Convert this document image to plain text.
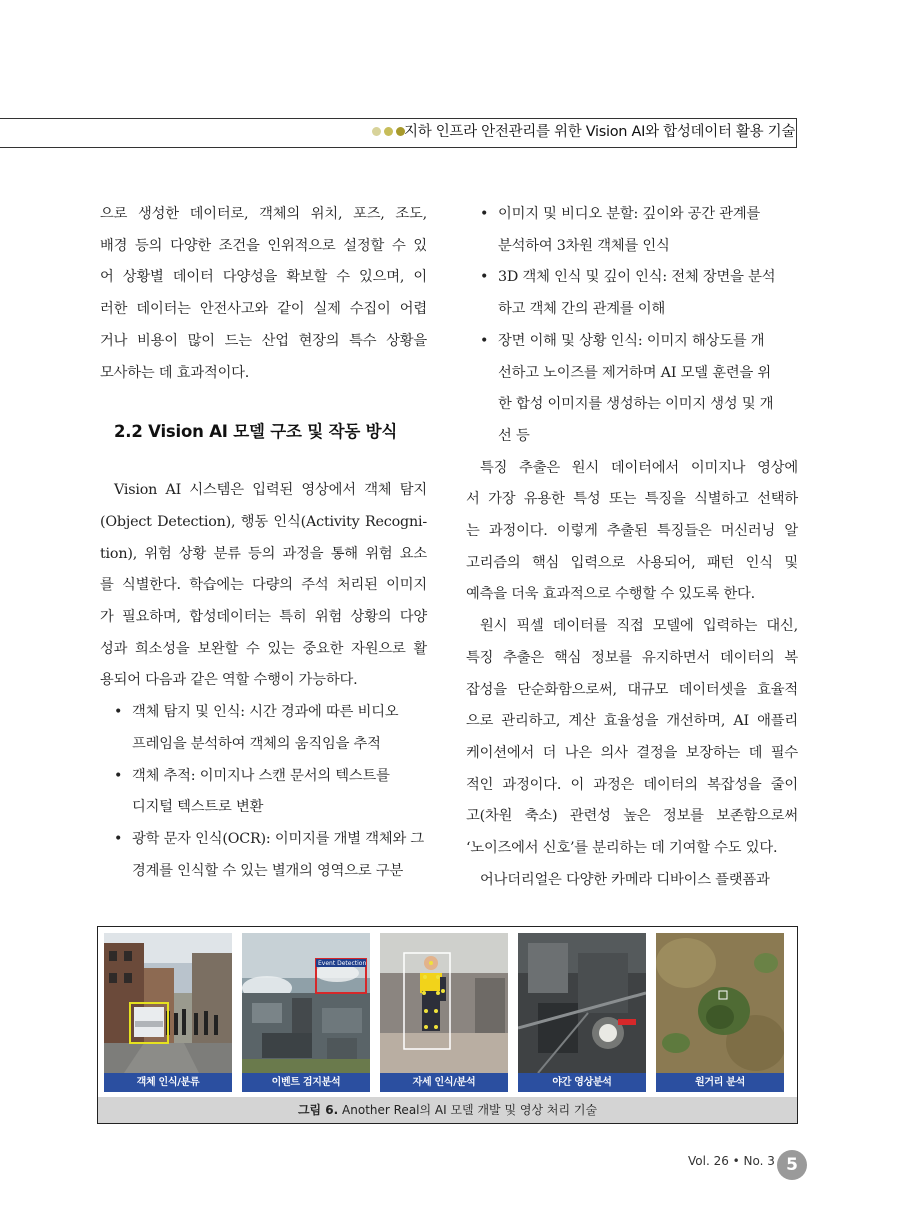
지하 인프라 안전관리를 위한 Vision AI와 합성데이터 활용 기술

으로 생성한 데이터로, 객체의 위치, 포즈, 조도,

배경 등의 다양한 조건을 인위적으로 설정할 수 있

어 상황별 데이터 다양성을 확보할 수 있으며, 이

러한 데이터는 안전사고와 같이 실제 수집이 어렵

거나 비용이 많이 드는 산업 현장의 특수 상황을

모사하는 데 효과적이다.

2.2 Vision AI 모델 구조 및 작동 방식

Vision AI 시스템은 입력된 영상에서 객체 탐지

(Object Detection), 행동 인식(Activity Recogni-

tion), 위험 상황 분류 등의 과정을 통해 위험 요소

를 식별한다. 학습에는 다량의 주석 처리된 이미지

가 필요하며, 합성데이터는 특히 위험 상황의 다양

성과 희소성을 보완할 수 있는 중요한 자원으로 활

용되어 다음과 같은 역할 수행이 가능하다.

• 객체 탐지 및 인식: 시간 경과에 따른 비디오
프레임을 분석하여 객체의 움직임을 추적
• 객체 추적: 이미지나 스캔 문서의 텍스트를
디지털 텍스트로 변환
• 광학 문자 인식(OCR): 이미지를 개별 객체와 그
경계를 인식할 수 있는 별개의 영역으로 구분
• 이미지 및 비디오 분할: 깊이와 공간 관계를
분석하여 3차원 객체를 인식
• 3D 객체 인식 및 깊이 인식: 전체 장면을 분석
하고 객체 간의 관계를 이해
• 장면 이해 및 상황 인식: 이미지 해상도를 개
선하고 노이즈를 제거하며 AI 모델 훈련을 위
한 합성 이미지를 생성하는 이미지 생성 및 개
선 등

특징 추출은 원시 데이터에서 이미지나 영상에

서 가장 유용한 특성 또는 특징을 식별하고 선택하

는 과정이다. 이렇게 추출된 특징들은 머신러닝 알

고리즘의 핵심 입력으로 사용되어, 패턴 인식 및

예측을 더욱 효과적으로 수행할 수 있도록 한다.

원시 픽셀 데이터를 직접 모델에 입력하는 대신,

특징 추출은 핵심 정보를 유지하면서 데이터의 복

잡성을 단순화함으로써, 대규모 데이터셋을 효율적

으로 관리하고, 계산 효율성을 개선하며, AI 애플리

케이션에서 더 나은 의사 결정을 보장하는 데 필수

적인 과정이다. 이 과정은 데이터의 복잡성을 줄이

고(차원 축소) 관련성 높은 정보를 보존함으로써

‘노이즈에서 신호’를 분리하는 데 기여할 수도 있다.

어나더리얼은 다양한 카메라 디바이스 플랫폼과

객체 인식/분류
Event Detection
이벤트 검지분석	자세 인식/분석	야간 영상분석	원거리 분석
그림 6. Another Real의 AI 모델 개발 및 영상 처리 기술
Vol. 26 • No. 3 5
